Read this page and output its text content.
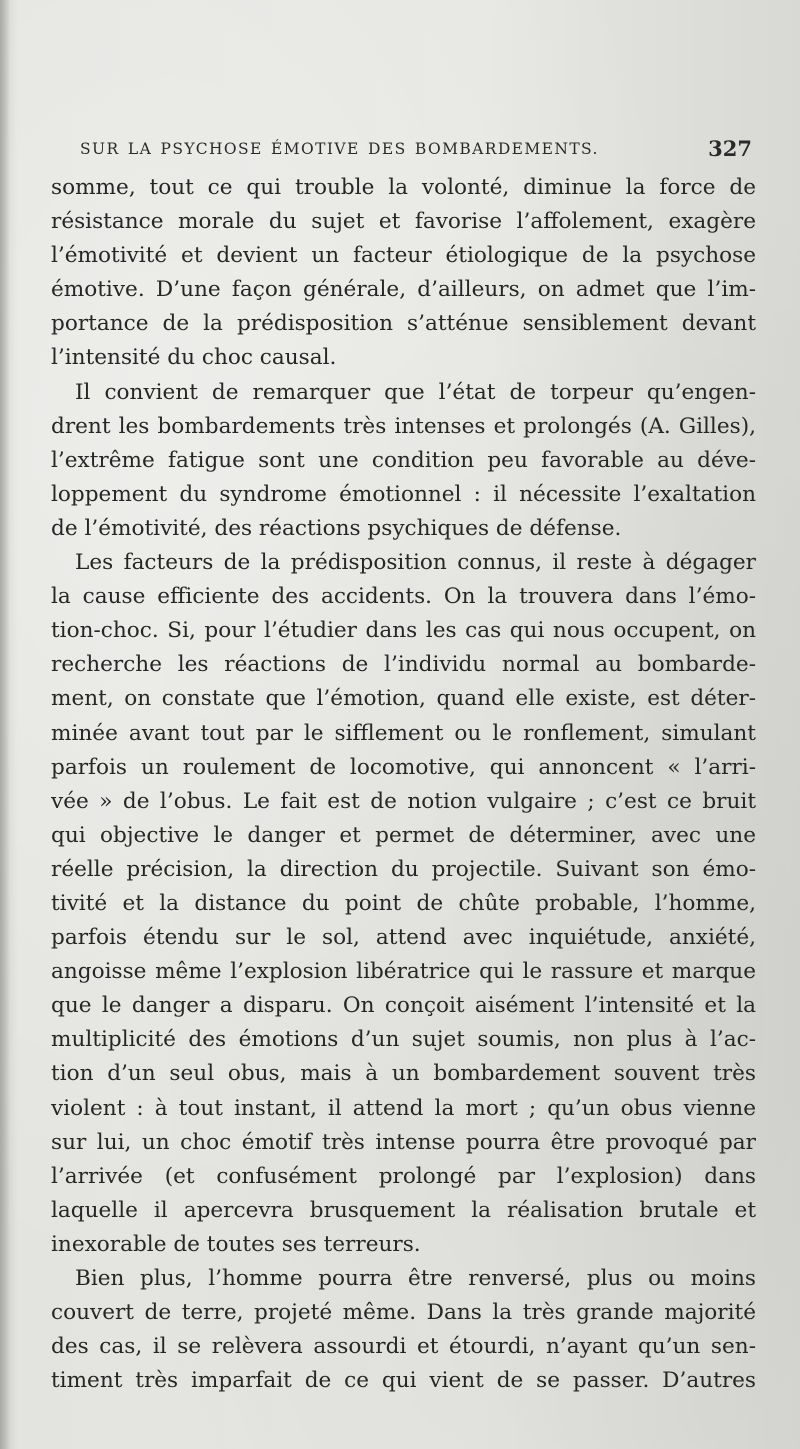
SUR LA PSYCHOSE ÉMOTIVE DES BOMBARDEMENTS.	327
somme, tout ce qui trouble la volonté, diminue la force de
résistance morale du sujet et favorise l’affolement, exagère
l’émotivité et devient un facteur étiologique de la psychose
émotive. D’une façon générale, d’ailleurs, on admet que l’im-
portance de la prédisposition s’atténue sensiblement devant
l’intensité du choc causal.
Il convient de remarquer que l’état de torpeur qu’engen-
drent les bombardements très intenses et prolongés (A. Gilles),
l’extrême fatigue sont une condition peu favorable au déve-
loppement du syndrome émotionnel : il nécessite l’exaltation
de l’émotivité, des réactions psychiques de défense.
Les facteurs de la prédisposition connus, il reste à dégager
la cause efficiente des accidents. On la trouvera dans l’émo-
tion-choc. Si, pour l’étudier dans les cas qui nous occupent, on
recherche les réactions de l’individu normal au bombarde-
ment, on constate que l’émotion, quand elle existe, est déter-
minée avant tout par le sifflement ou le ronflement, simulant
parfois un roulement de locomotive, qui annoncent « l’arri-
vée » de l’obus. Le fait est de notion vulgaire ; c’est ce bruit
qui objective le danger et permet de déterminer, avec une
réelle précision, la direction du projectile. Suivant son émo-
tivité et la distance du point de chûte probable, l’homme,
parfois étendu sur le sol, attend avec inquiétude, anxiété,
angoisse même l’explosion libératrice qui le rassure et marque
que le danger a disparu. On conçoit aisément l’intensité et la
multiplicité des émotions d’un sujet soumis, non plus à l’ac-
tion d’un seul obus, mais à un bombardement souvent très
violent : à tout instant, il attend la mort ; qu’un obus vienne
sur lui, un choc émotif très intense pourra être provoqué par
l’arrivée (et confusément prolongé par l’explosion) dans
laquelle il apercevra brusquement la réalisation brutale et
inexorable de toutes ses terreurs.
Bien plus, l’homme pourra être renversé, plus ou moins
couvert de terre, projeté même. Dans la très grande majorité
des cas, il se relèvera assourdi et étourdi, n’ayant qu’un sen-
timent très imparfait de ce qui vient de se passer. D’autres
